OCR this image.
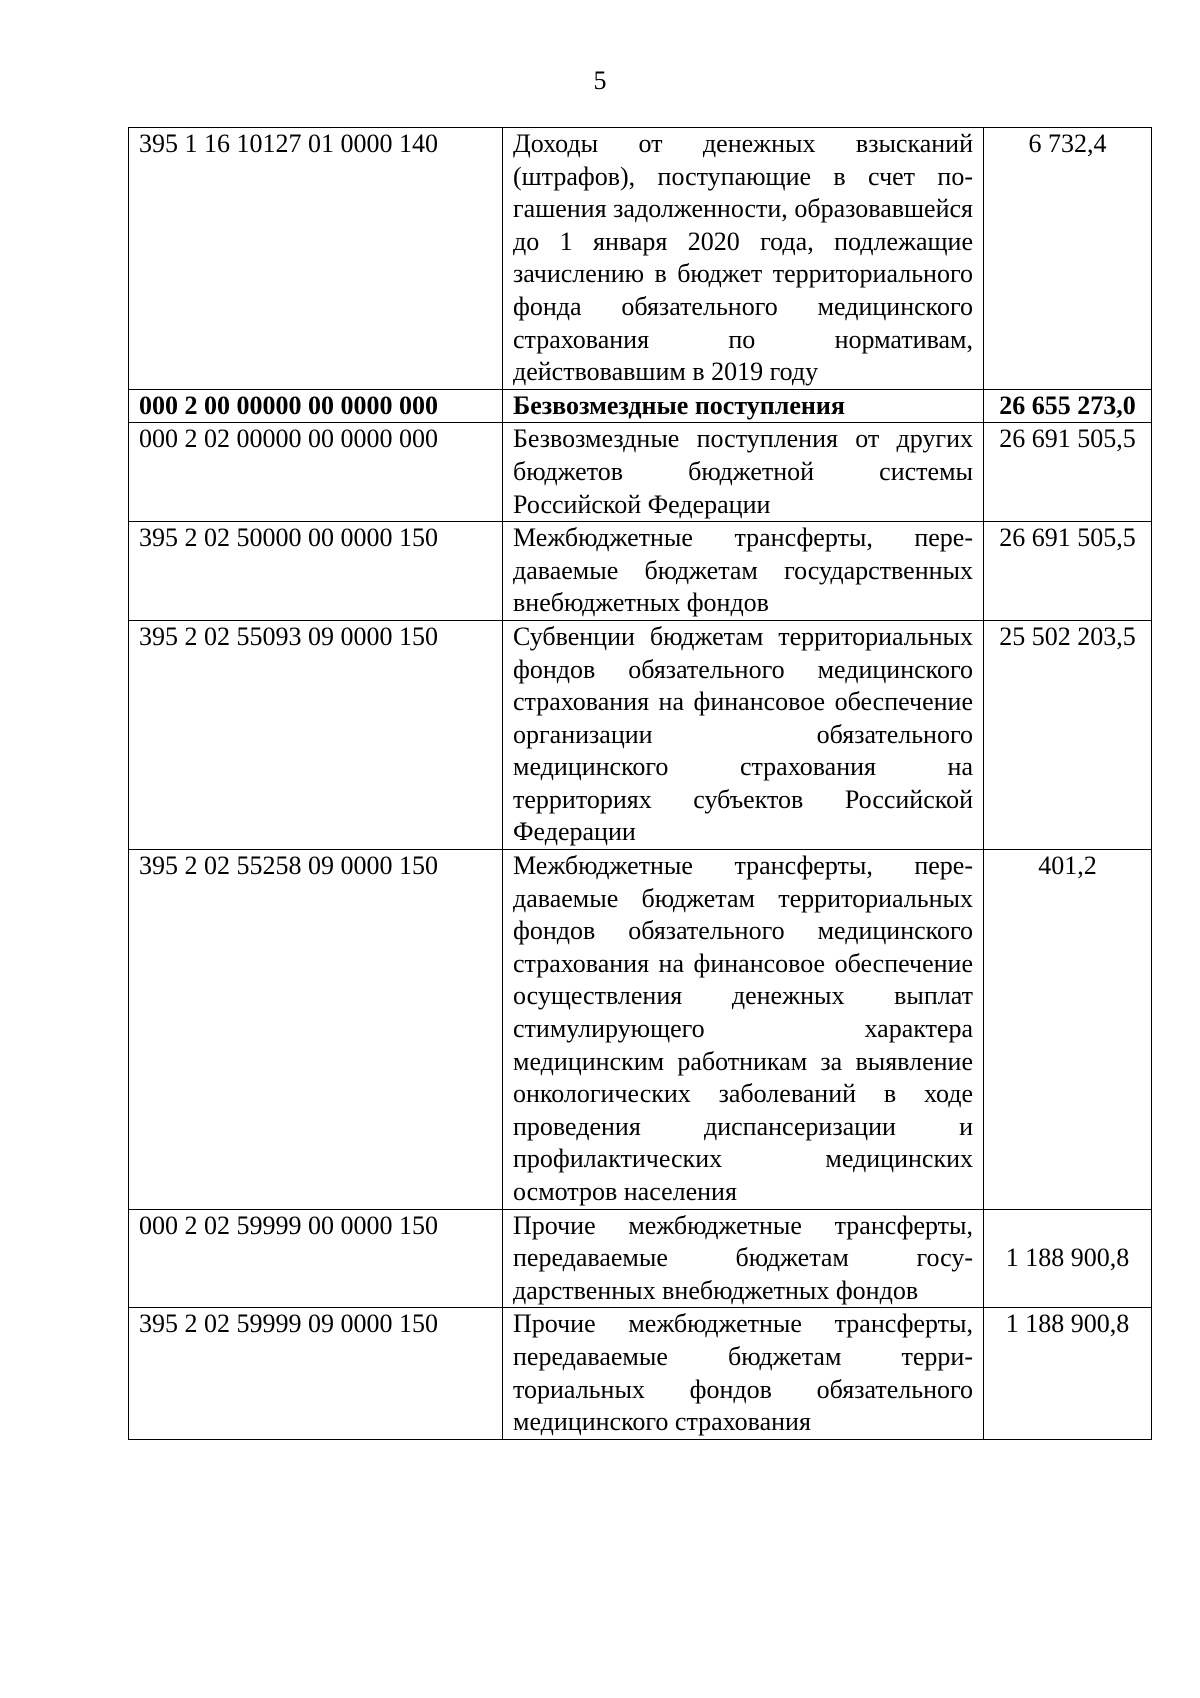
5
395 1 16 10127 01 0000 140	Доходы от денежных взысканий (штрафов), поступающие в счет погашения задолженности, образовавшейся до 1 января 2020 года, подлежащие зачислению в бюджет территориального фонда обязательного медицинского страхования по нормативам, действовавшим в 2019 году	6 732,4
000 2 00 00000 00 0000 000	Безвозмездные поступления	26 655 273,0
000 2 02 00000 00 0000 000	Безвозмездные поступления от других бюджетов бюджетной системы Российской Федерации	26 691 505,5
395 2 02 50000 00 0000 150	Межбюджетные трансферты, передаваемые бюджетам государственных внебюджетных фондов	26 691 505,5
395 2 02 55093 09 0000 150	Субвенции бюджетам территориальных фондов обязательного медицинского страхования на финансовое обеспечение организации обязательного медицинского страхования на территориях субъектов Российской Федерации	25 502 203,5
395 2 02 55258 09 0000 150	Межбюджетные трансферты, передаваемые бюджетам территориальных фондов обязательного медицинского страхования на финансовое обеспечение осуществления денежных выплат стимулирующего характера медицинским работникам за выявление онкологических заболеваний в ходе проведения диспансеризации и профилактических медицинских осмотров населения	401,2
000 2 02 59999 00 0000 150	Прочие межбюджетные трансферты, передаваемые бюджетам государственных внебюджетных фондов	1 188 900,8
395 2 02 59999 09 0000 150	Прочие межбюджетные трансферты, передаваемые бюджетам территориальных фондов обязательного медицинского страхования	1 188 900,8
